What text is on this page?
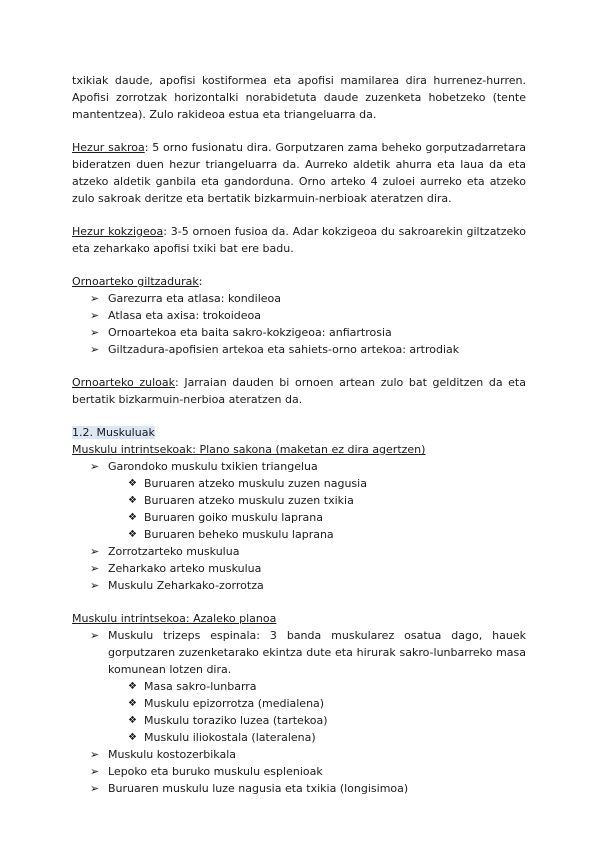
txikiak daude, apofisi kostiformea eta apofisi mamilarea dira hurrenez-hurren. Apofisi zorrotzak horizontalki norabidetuta daude zuzenketa hobetzeko (tente mantentzea). Zulo rakideoa estua eta triangeluarra da.

Hezur sakroa: 5 orno fusionatu dira. Gorputzaren zama beheko gorputzadarretara bideratzen duen hezur triangeluarra da. Aurreko aldetik ahurra eta laua da eta atzeko aldetik ganbila eta gandorduna. Orno arteko 4 zuloei aurreko eta atzeko zulo sakroak deritze eta bertatik bizkarmuin-nerbioak ateratzen dira.

Hezur kokzigeoa: 3-5 ornoen fusioa da. Adar kokzigeoa du sakroarekin giltzatzeko eta zeharkako apofisi txiki bat ere badu.

Ornoarteko giltzadurak:

➢ Garezurra eta atlasa: kondileoa
➢ Atlasa eta axisa: trokoideoa
➢ Ornoartekoa eta baita sakro-kokzigeoa: anfiartrosia
➢ Giltzadura-apofisien artekoa eta sahiets-orno artekoa: artrodiak

Ornoarteko zuloak: Jarraian dauden bi ornoen artean zulo bat gelditzen da eta bertatik bizkarmuin-nerbioa ateratzen da.

1.2. Muskuluak

Muskulu intrintsekoak: Plano sakona (maketan ez dira agertzen)

➢ Garondoko muskulu txikien triangelua
❖ Buruaren atzeko muskulu zuzen nagusia
❖ Buruaren atzeko muskulu zuzen txikia
❖ Buruaren goiko muskulu laprana
❖ Buruaren beheko muskulu laprana
➢ Zorrotzarteko muskulua
➢ Zeharkako arteko muskulua
➢ Muskulu Zeharkako-zorrotza

Muskulu intrintsekoa: Azaleko planoa

➢ Muskulu trizeps espinala: 3 banda muskularez osatua dago, hauek gorputzaren zuzenketarako ekintza dute eta hirurak sakro-lunbarreko masa komunean lotzen dira.
❖ Masa sakro-lunbarra
❖ Muskulu epizorrotza (medialena)
❖ Muskulu toraziko luzea (tartekoa)
❖ Muskulu iliokostala (lateralena)
➢ Muskulu kostozerbikala
➢ Lepoko eta buruko muskulu esplenioak
➢ Buruaren muskulu luze nagusia eta txikia (longisimoa)
